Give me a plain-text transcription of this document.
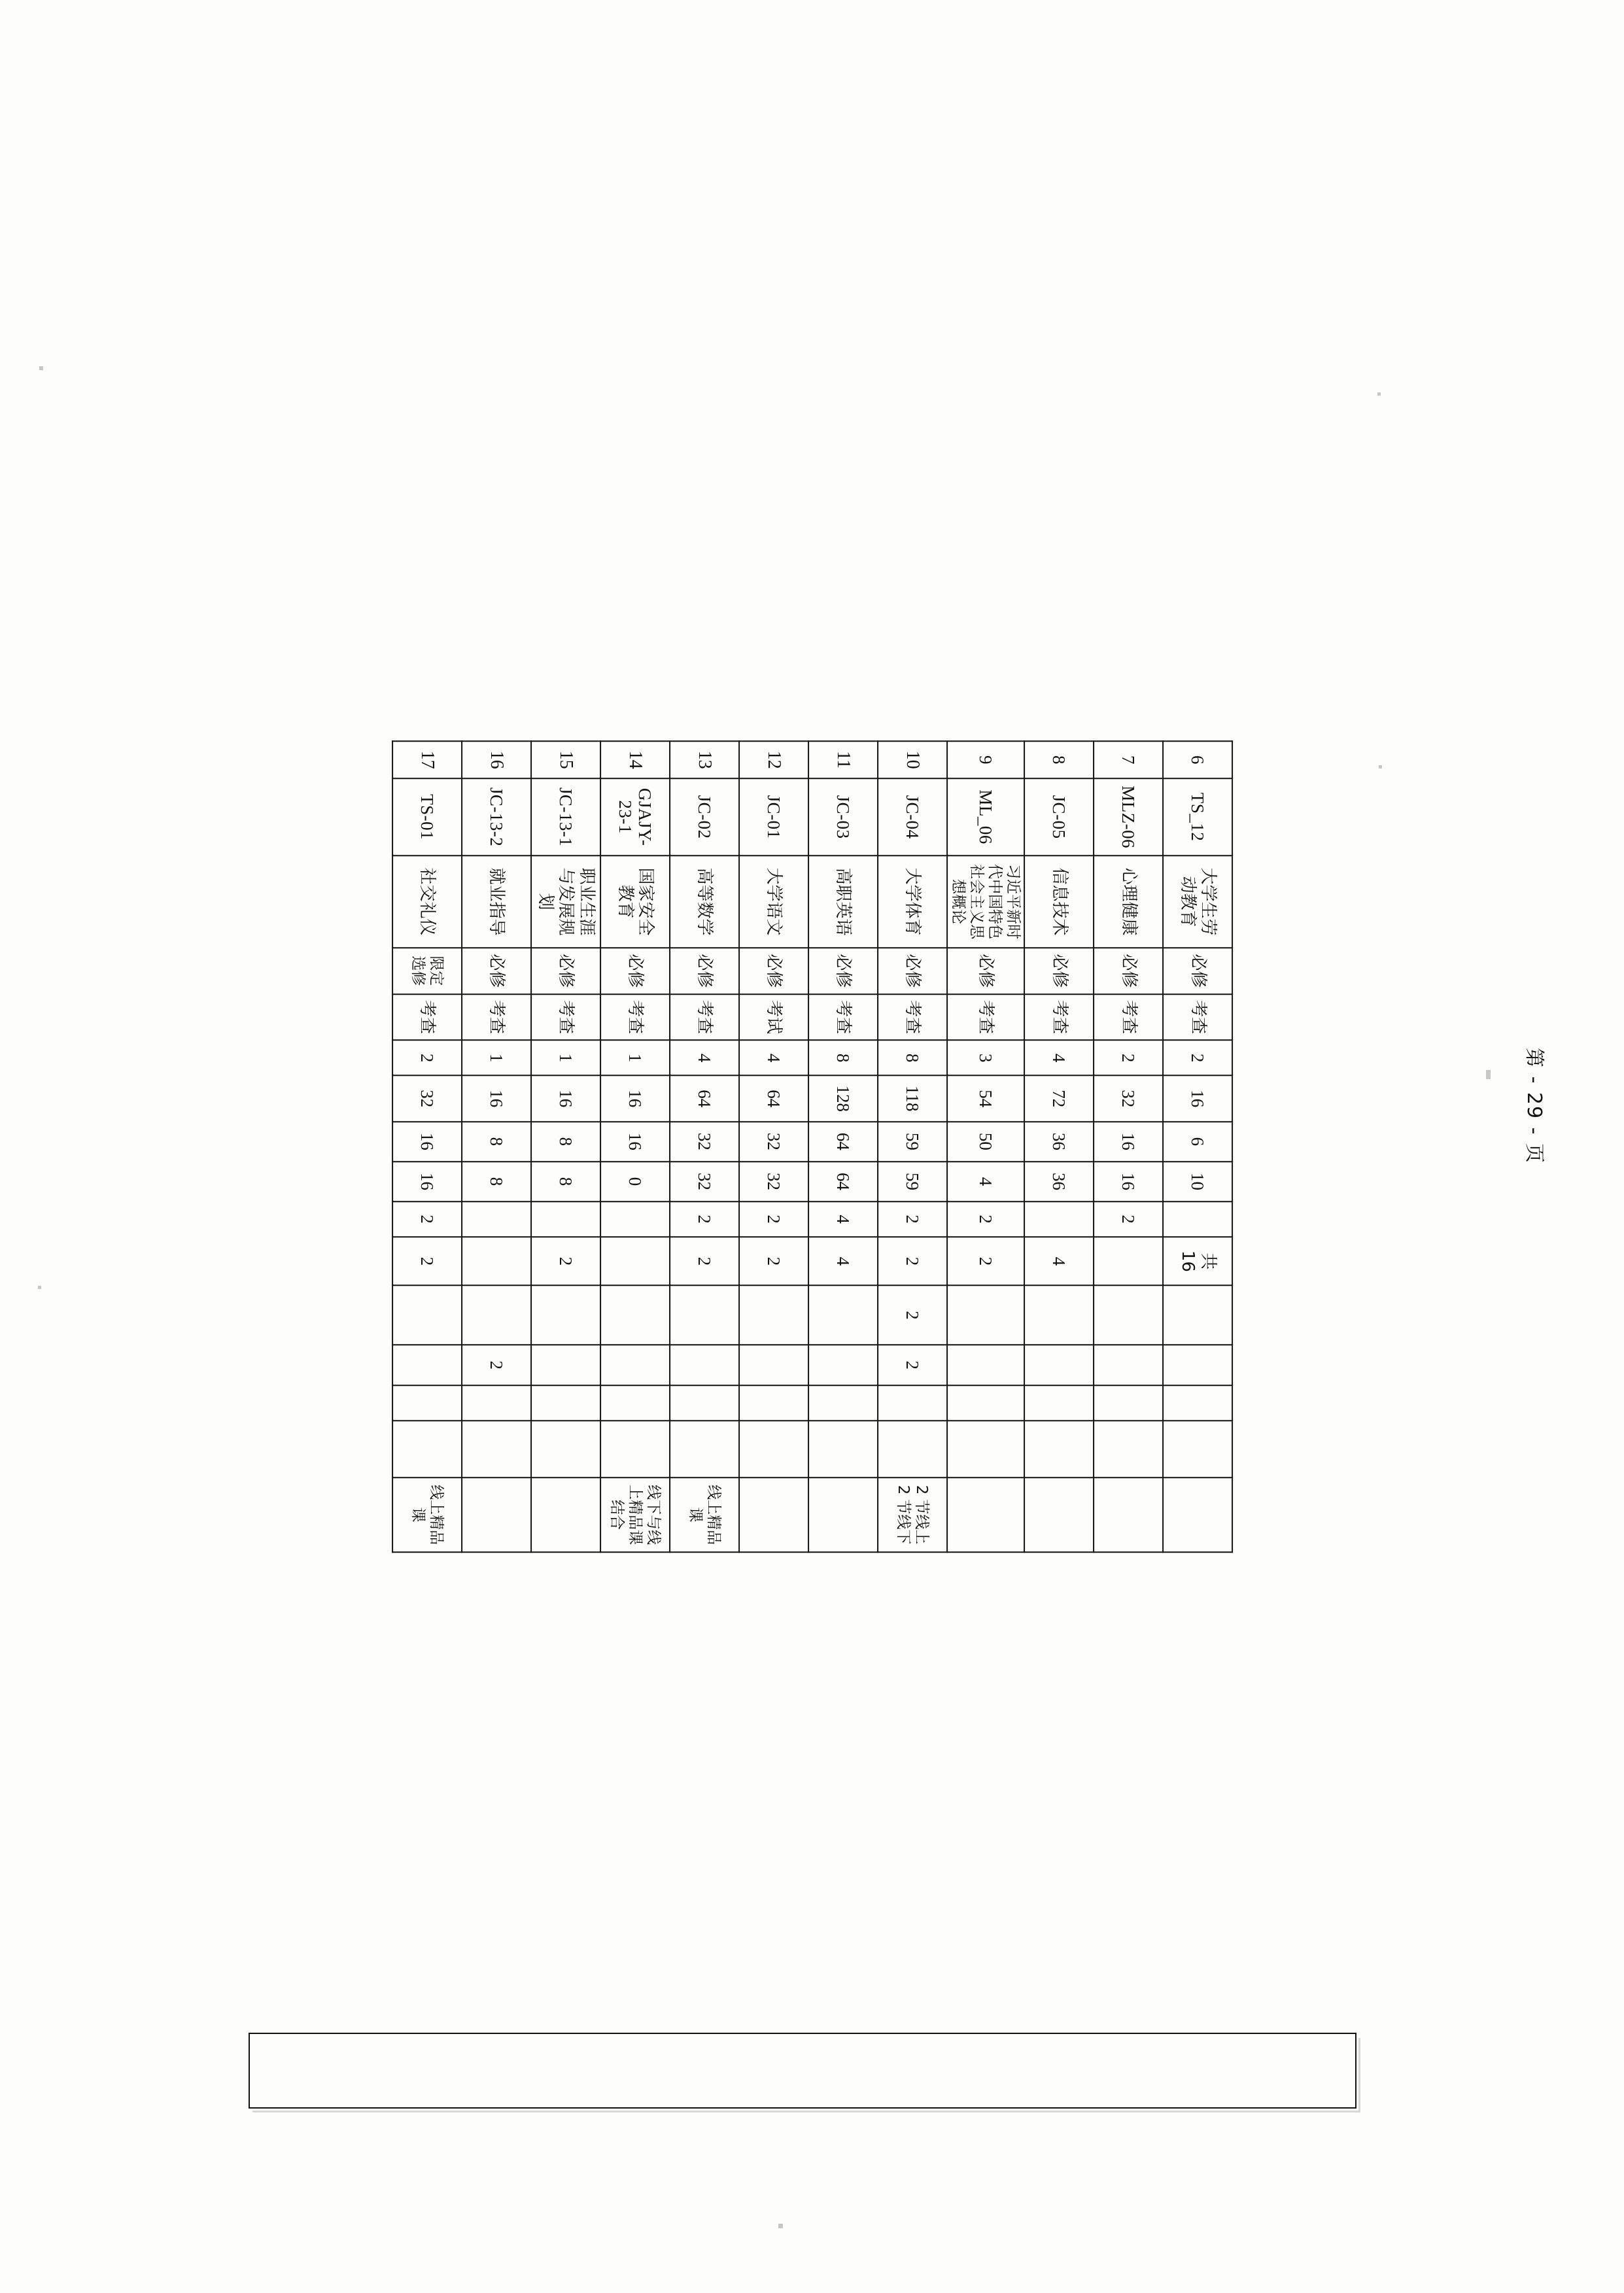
6	TS_12	大学生劳动教育	必修	考查	2	16	6	10		共 16					

7	MLZ-06	心理健康	必修	考查	2	32	16	16	2	

8	JC-05	信息技术	必修	考查	4	72	36	36		4					

9	ML_06	习近平新时代中国特色社会主义思想概论	必修	考查	3	54	50	4	2	2					

10	JC-04	大学体育	必修	考查	8	118	59	59	2	2	2	2			2 节线上 2 节线下

11	JC-03	高职英语	必修	考查	8	128	64	64	4	4					

12	JC-01	大学语文	必修	考试	4	64	32	32	2	2					

13	JC-02	高等数学	必修	考查	4	64	32	32	2	2					线上精品课

14	GJAJY-23-1	国家安全教育	必修	考查	1	16	16	0							线下与线上精品课结合

15	JC-13-1	职业生涯与发展规划	必修	考查	1	16	8	8		2					

16	JC-13-2	就业指导	必修	考查	1	16	8	8				2			

17	TS-01	社交礼仪	限定选修	考查	2	32	16	16	2	2					线上精品课
第 - 29 - 页
